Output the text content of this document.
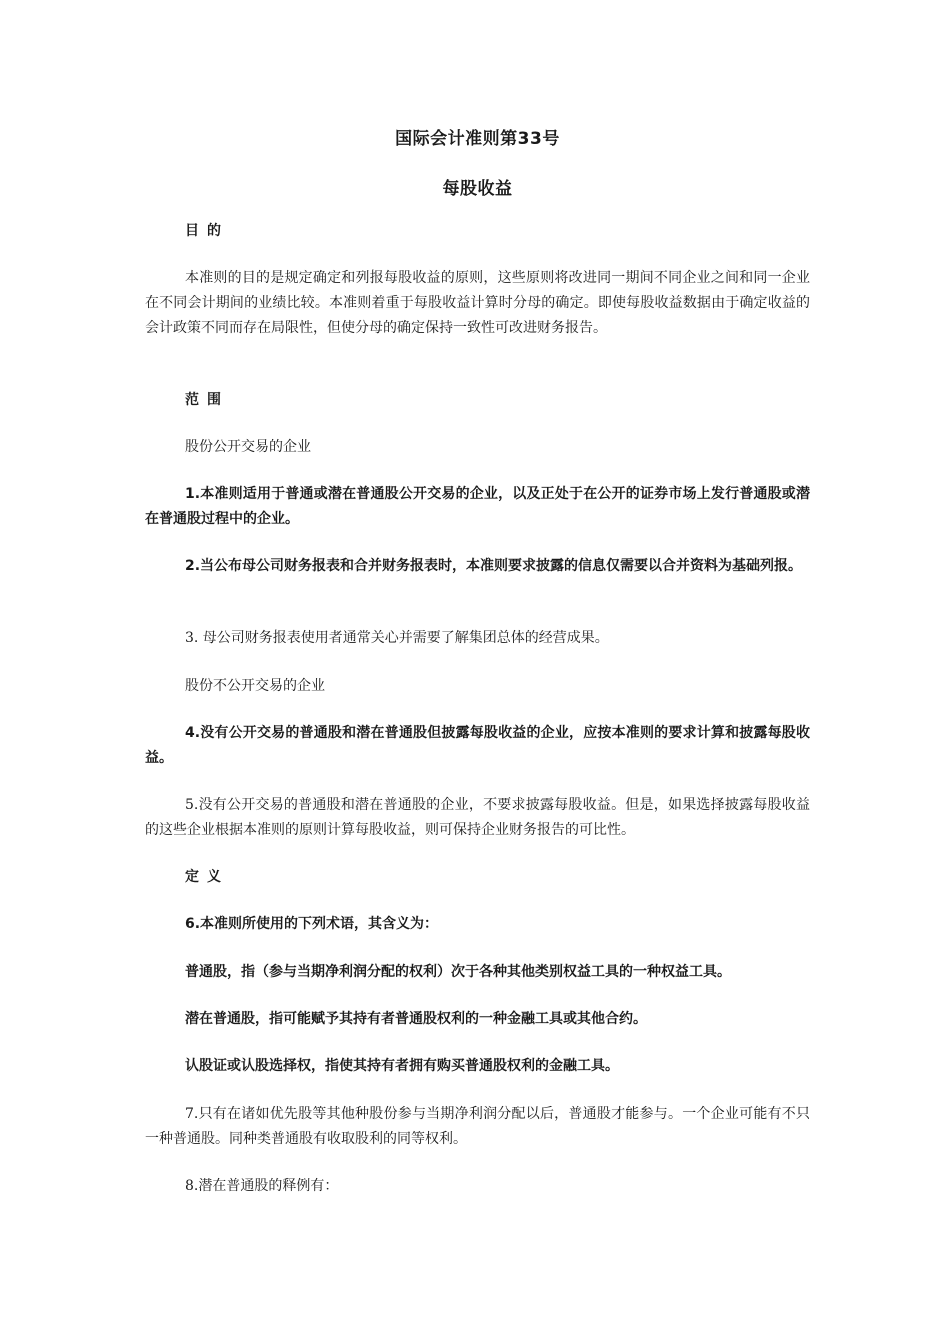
国际会计准则第33号
每股收益

目的

本准则的目的是规定确定和列报每股收益的原则，这些原则将改进同一期间不同企业之间和同一企业在不同会计期间的业绩比较。本准则着重于每股收益计算时分母的确定。即使每股收益数据由于确定收益的会计政策不同而存在局限性，但使分母的确定保持一致性可改进财务报告。

范围

股份公开交易的企业

1.本准则适用于普通或潜在普通股公开交易的企业，以及正处于在公开的证券市场上发行普通股或潜在普通股过程中的企业。

2.当公布母公司财务报表和合并财务报表时，本准则要求披露的信息仅需要以合并资料为基础列报。

3. 母公司财务报表使用者通常关心并需要了解集团总体的经营成果。

股份不公开交易的企业

4.没有公开交易的普通股和潜在普通股但披露每股收益的企业，应按本准则的要求计算和披露每股收益。

5.没有公开交易的普通股和潜在普通股的企业，不要求披露每股收益。但是，如果选择披露每股收益的这些企业根据本准则的原则计算每股收益，则可保持企业财务报告的可比性。

定义

6.本准则所使用的下列术语，其含义为：

普通股，指（参与当期净利润分配的权利）次于各种其他类别权益工具的一种权益工具。

潜在普通股，指可能赋予其持有者普通股权利的一种金融工具或其他合约。

认股证或认股选择权，指使其持有者拥有购买普通股权利的金融工具。

7.只有在诸如优先股等其他种股份参与当期净利润分配以后，普通股才能参与。一个企业可能有不只一种普通股。同种类普通股有收取股利的同等权利。

8.潜在普通股的释例有：
